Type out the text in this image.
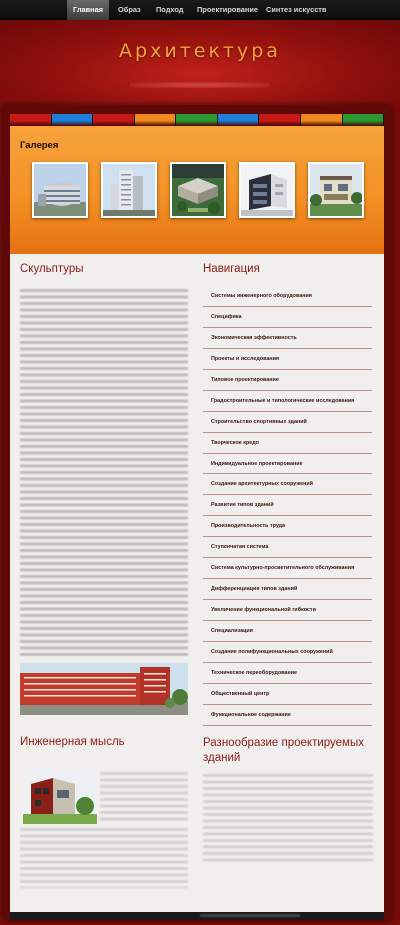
Главная	Образ Подход Проектирование Синтез искусств
Архитектура
Галерея
Скульптуры	Навигация
Системы инженерного оборудования
Специфика
Экономическая эффективность
Проекты и исследования
Типовое проектирование
Градостроительные и типологические исследования
Строительство спортивных зданий
Творческое кредо
Индивидуальное проектирование
Создание архитектурных сооружений
Развитие типов зданий
Производительность труда
Ступенчатая система
Система культурно-просветительного обслуживания
Дифференциация типов зданий
Увеличение функциональной гибкости
Специализация
Создание полифункциональных сооружений
Техническое переоборудование
Общественный центр
Функциональное содержание
Инженерная мысль	Разнообразие проектируемых зданий
